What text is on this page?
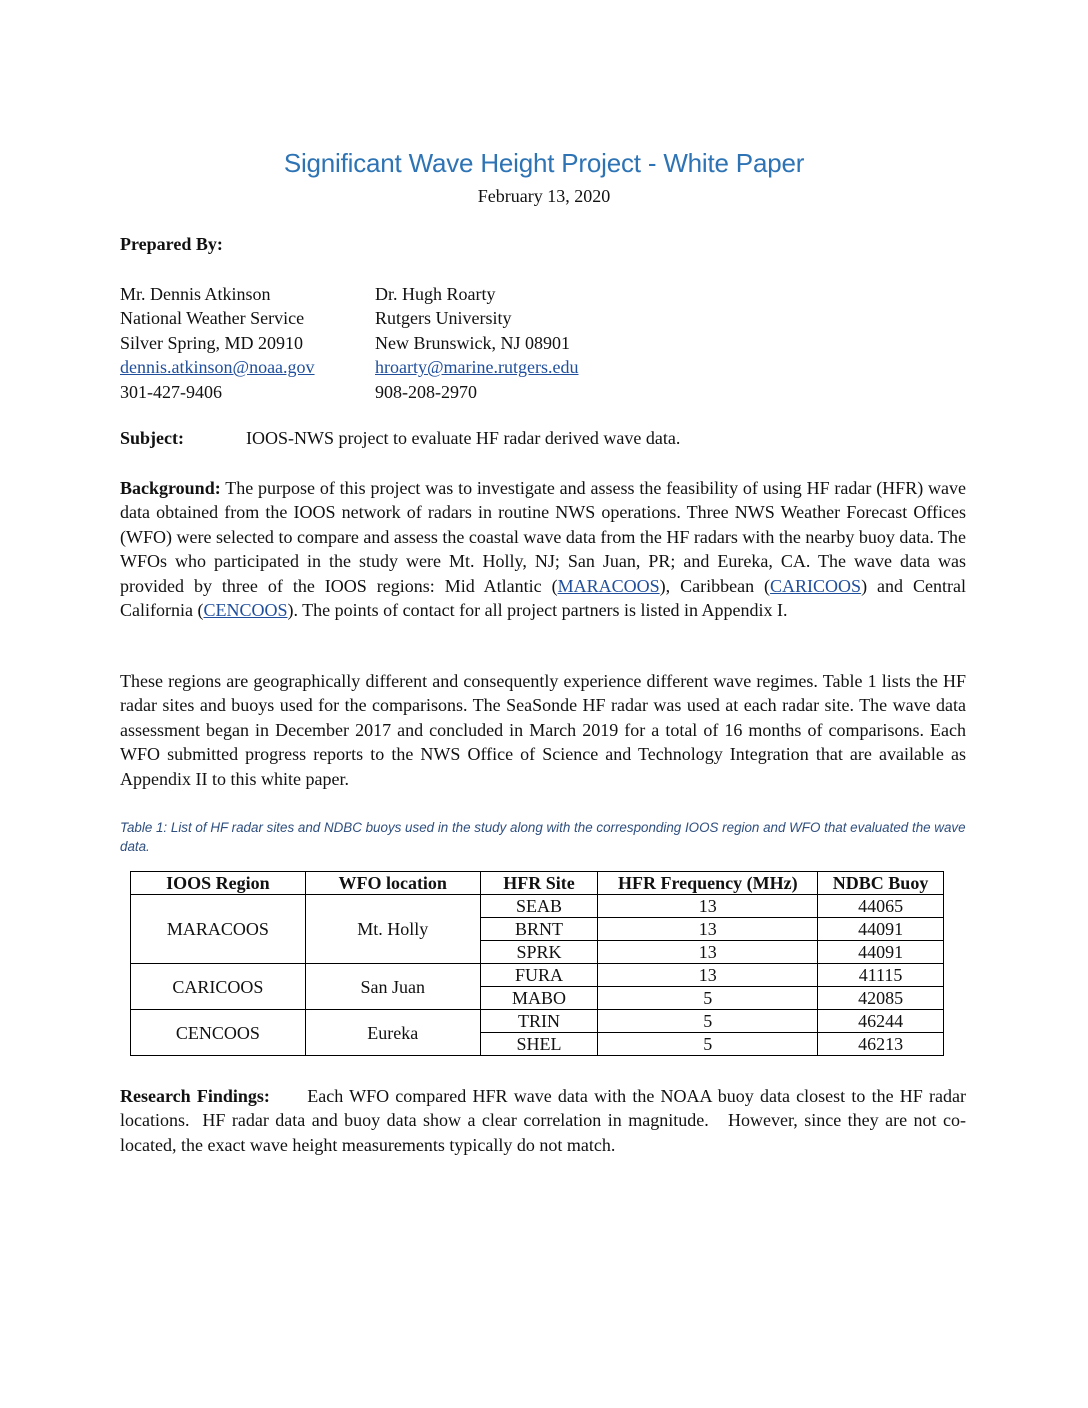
Significant Wave Height Project - White Paper
February 13, 2020
Prepared By:
Mr. Dennis Atkinson
National Weather Service
Silver Spring, MD 20910
dennis.atkinson@noaa.gov
301-427-9406
Dr. Hugh Roarty
Rutgers University
New Brunswick, NJ 08901
hroarty@marine.rutgers.edu
908-208-2970
Subject:	IOOS-NWS project to evaluate HF radar derived wave data.

Background: The purpose of this project was to investigate and assess the feasibility of using HF radar (HFR) wave data obtained from the IOOS network of radars in routine NWS operations. Three NWS Weather Forecast Offices (WFO) were selected to compare and assess the coastal wave data from the HF radars with the nearby buoy data. The WFOs who participated in the study were Mt. Holly, NJ; San Juan, PR; and Eureka, CA. The wave data was provided by three of the IOOS regions: Mid Atlantic (MARACOOS), Caribbean (CARICOOS) and Central California (CENCOOS). The points of contact for all project partners is listed in Appendix I.

These regions are geographically different and consequently experience different wave regimes. Table 1 lists the HF radar sites and buoys used for the comparisons. The SeaSonde HF radar was used at each radar site. The wave data assessment began in December 2017 and concluded in March 2019 for a total of 16 months of comparisons. Each WFO submitted progress reports to the NWS Office of Science and Technology Integration that are available as Appendix II to this white paper.

Table 1: List of HF radar sites and NDBC buoys used in the study along with the corresponding IOOS region and WFO that evaluated the wave data.
IOOS Region	WFO location	HFR Site	HFR Frequency (MHz)	NDBC Buoy
MARACOOS	Mt. Holly	SEAB	13	44065
		BRNT	13	44091
		SPRK	13	44091
CARICOOS	San Juan	FURA	13	41115
		MABO	5	42085
CENCOOS	Eureka	TRIN	5	46244
		SHEL	5	46213

Research Findings:      Each WFO compared HFR wave data with the NOAA buoy data closest to the HF radar locations.  HF radar data and buoy data show a clear correlation in magnitude.   However, since they are not co-located, the exact wave height measurements typically do not match.
